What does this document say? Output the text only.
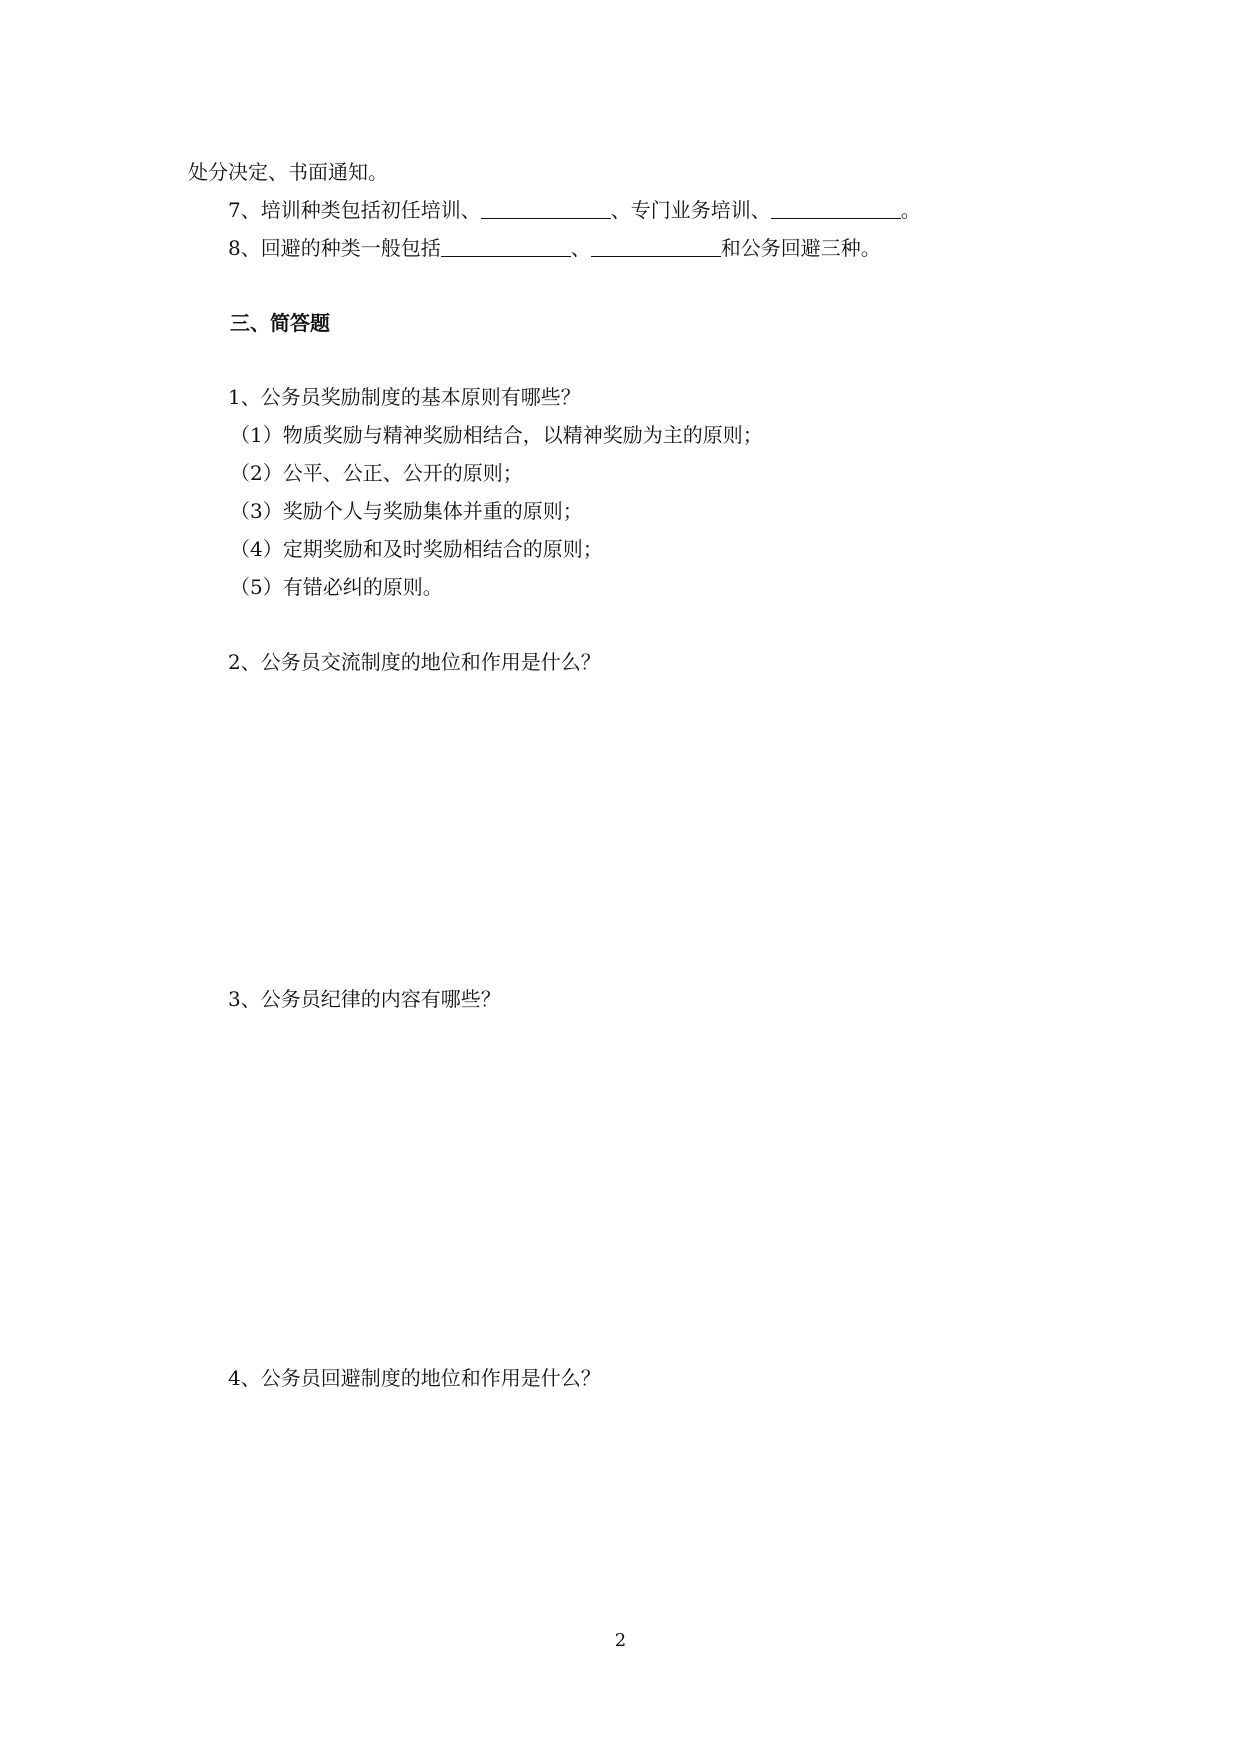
处分决定、书面通知。
7、培训种类包括初任培训、	、专门业务培训、	。
8、回避的种类一般包括	、	和公务回避三种。
三、简答题
1、公务员奖励制度的基本原则有哪些？
（1）物质奖励与精神奖励相结合，以精神奖励为主的原则；
（2）公平、公正、公开的原则；
（3）奖励个人与奖励集体并重的原则；
（4）定期奖励和及时奖励相结合的原则；
（5）有错必纠的原则。
2、公务员交流制度的地位和作用是什么？
3、公务员纪律的内容有哪些？
4、公务员回避制度的地位和作用是什么？
2
